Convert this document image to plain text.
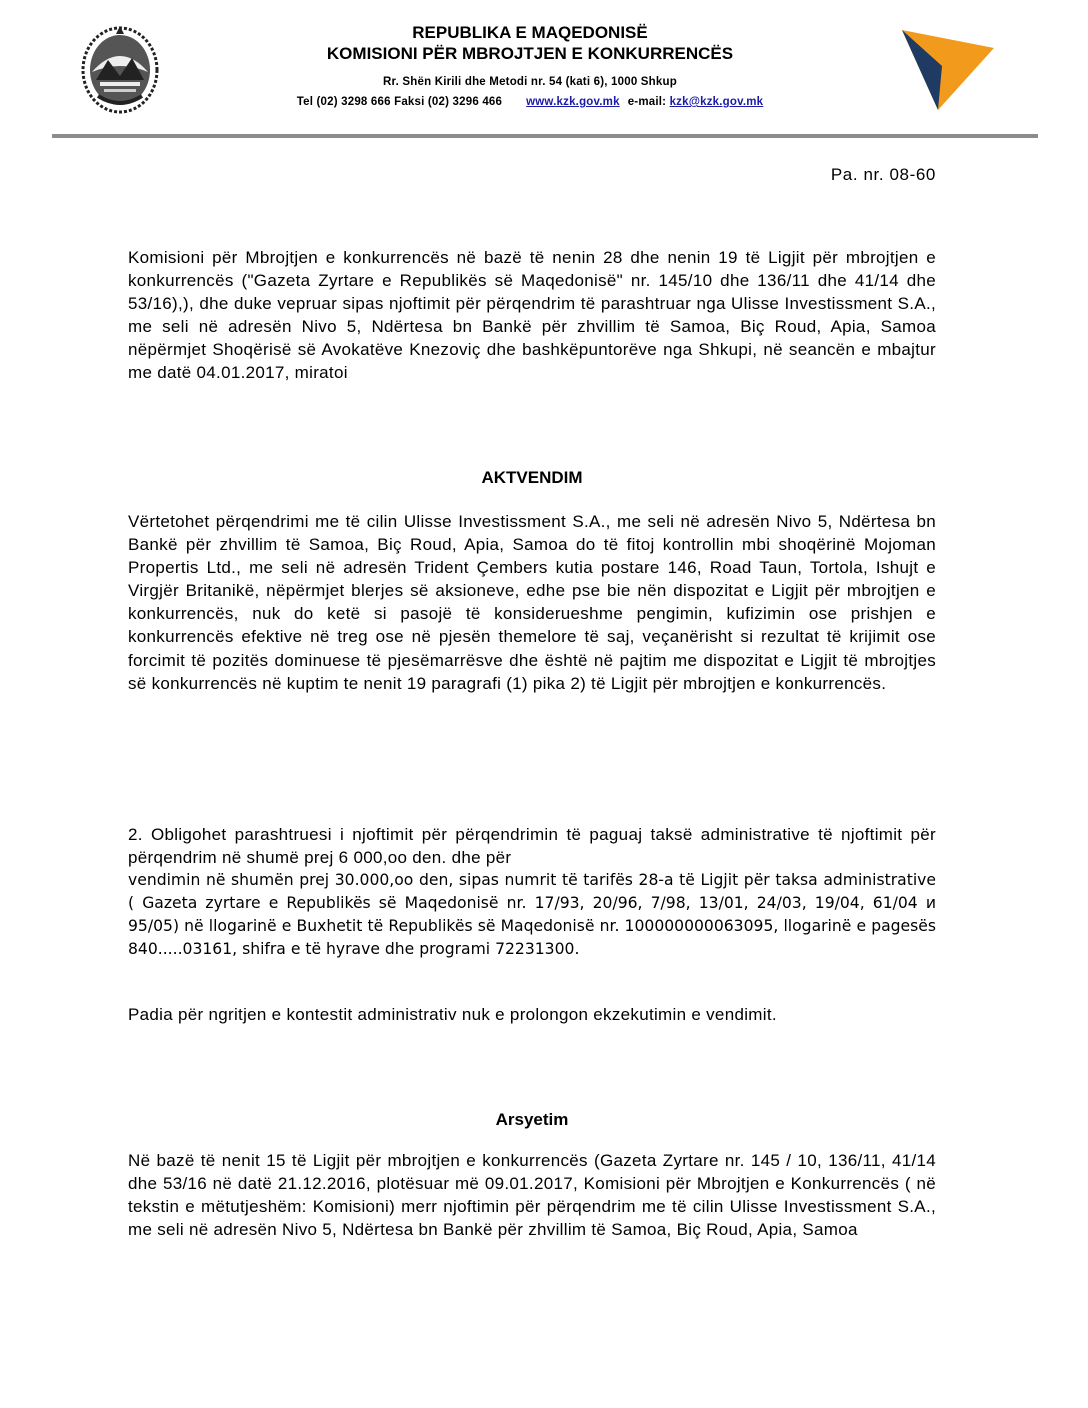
REPUBLIKA E MAQEDONISË
KOMISIONI PËR MBROJTJEN E KONKURRENCËS
Rr. Shën Kirili dhe Metodi nr. 54 (kati 6), 1000 Shkup
Tel (02) 3298 666 Faksi (02) 3296 466 www.kzk.gov.mk e-mail: kzk@kzk.gov.mk
Pa. nr. 08-60

Komisioni për Mbrojtjen e konkurrencës në bazë të nenin 28 dhe nenin 19 të Ligjit për mbrojtjen e konkurrencës ("Gazeta Zyrtare e Republikës së Maqedonisë" nr. 145/10 dhe 136/11 dhe 41/14 dhe 53/16),), dhe duke vepruar sipas njoftimit për përqendrim të parashtruar nga Ulisse Investissment S.A., me seli në adresën Nivo 5, Ndërtesa bn Bankë për zhvillim të Samoa, Biç Roud, Apia, Samoa nëpërmjet Shoqërisë së Avokatëve Knezoviç dhe bashkëpuntorëve nga Shkupi, në seancën e mbajtur me datë 04.01.2017, miratoi

AKTVENDIM

Vërtetohet përqendrimi me të cilin Ulisse Investissment S.A., me seli në adresën Nivo 5, Ndërtesa bn Bankë për zhvillim të Samoa, Biç Roud, Apia, Samoa do të fitoj kontrollin mbi shoqërinë Mojoman Propertis Ltd., me seli në adresën Trident Çembers kutia postare 146, Road Taun, Tortola, Ishujt e Virgjër Britanikë, nëpërmjet blerjes së aksioneve, edhe pse bie nën dispozitat e Ligjit për mbrojtjen e konkurrencës, nuk do ketë si pasojë të konsiderueshme pengimin, kufizimin ose prishjen e konkurrencës efektive në treg ose në pjesën themelore të saj, veçanërisht si rezultat të krijimit ose forcimit të pozitës dominuese të pjesëmarrësve dhe është në pajtim me dispozitat e Ligjit të mbrojtjes së konkurrencës në kuptim te nenit 19 paragrafi (1) pika 2) të Ligjit për mbrojtjen e konkurrencës.

2. Obligohet parashtruesi i njoftimit për përqendrimin të paguaj taksë administrative të njoftimit për përqendrim në shumë prej 6 000,oo den. dhe për

vendimin në shumën prej 30.000,oo den, sipas numrit të tarifës 28-a të Ligjit për taksa administrative ( Gazeta zyrtare e Republikës së Maqedonisë nr. 17/93, 20/96, 7/98, 13/01, 24/03, 19/04, 61/04 и 95/05) në llogarinë e Buxhetit të Republikës së Maqedonisë nr. 100000000063095, llogarinë e pagesës 840.....03161, shifra e të hyrave dhe programi 72231300.

Padia për ngritjen e kontestit administrativ nuk e prolongon ekzekutimin e vendimit.

Arsyetim

Në bazë të nenit 15 të Ligjit për mbrojtjen e konkurrencës (Gazeta Zyrtare nr. 145 / 10, 136/11, 41/14 dhe 53/16 në datë 21.12.2016, plotësuar më 09.01.2017, Komisioni për Mbrojtjen e Konkurrencës ( në tekstin e mëtutjeshëm: Komisioni) merr njoftimin për përqendrim me të cilin Ulisse Investissment S.A., me seli në adresën Nivo 5, Ndërtesa bn Bankë për zhvillim të Samoa, Biç Roud, Apia, Samoa
